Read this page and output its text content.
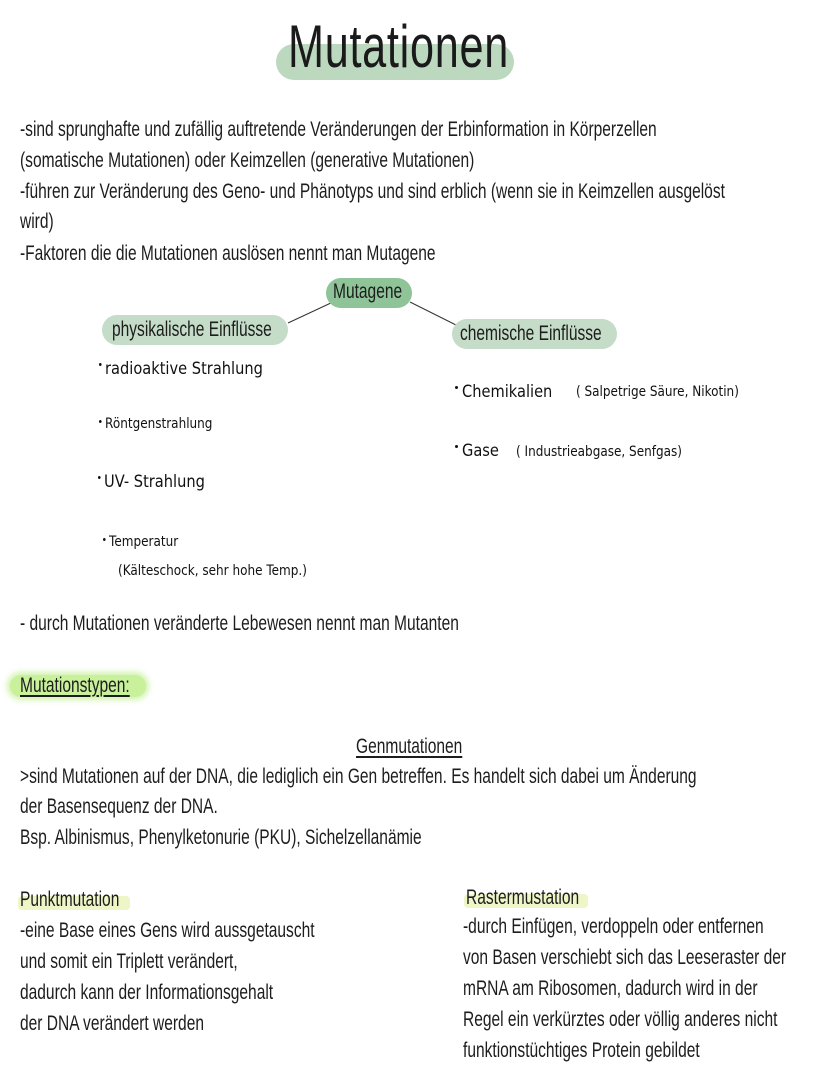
Mutationen
-sind sprunghafte und zufällig auftretende Veränderungen der Erbinformation in Körperzellen
(somatische Mutationen) oder Keimzellen (generative Mutationen)
-führen zur Veränderung des Geno- und Phänotyps und sind erblich (wenn sie in Keimzellen ausgelöst
wird)
-Faktoren die die Mutationen auslösen nennt man Mutagene
Mutagene
physikalische Einflüsse
radioaktive Strahlung
Röntgenstrahlung
UV- Strahlung
Temperatur
(Kälteschock, sehr hohe Temp.)
chemische Einflüsse
Chemikalien	( Salpetrige Säure, Nikotin)
Gase	( Industrieabgase, Senfgas)
- durch Mutationen veränderte Lebewesen nennt man Mutanten
Mutationstypen:
Genmutationen
>sind Mutationen auf der DNA, die lediglich ein Gen betreffen. Es handelt sich dabei um Änderung
der Basensequenz der DNA.
Bsp. Albinismus, Phenylketonurie (PKU), Sichelzellanämie
Punktmutation
-eine Base eines Gens wird aussgetauscht
und somit ein Triplett verändert,
dadurch kann der Informationsgehalt
der DNA verändert werden
Rastermustation
-durch Einfügen, verdoppeln oder entfernen
von Basen verschiebt sich das Leeseraster der
mRNA am Ribosomen, dadurch wird in der
Regel ein verkürztes oder völlig anderes nicht
funktionstüchtiges Protein gebildet
